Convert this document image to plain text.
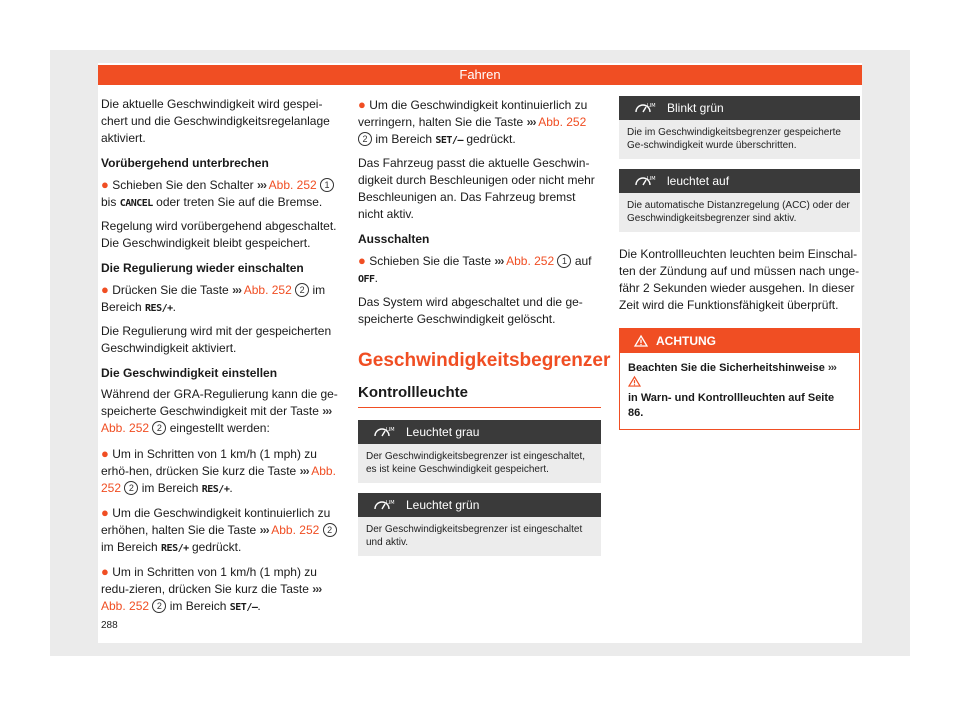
Fahren

Die aktuelle Geschwindigkeit wird gespei-chert und die Geschwindigkeitsregelanlage aktiviert.

Vorübergehend unterbrechen

● Schieben Sie den Schalter ››› Abb. 252 1 bis CANCEL oder treten Sie auf die Bremse.

Regelung wird vorübergehend abgeschaltet. Die Geschwindigkeit bleibt gespeichert.

Die Regulierung wieder einschalten

● Drücken Sie die Taste ››› Abb. 252 2 im Bereich RES/+.

Die Regulierung wird mit der gespeicherten Geschwindigkeit aktiviert.

Die Geschwindigkeit einstellen

Während der GRA-Regulierung kann die ge-speicherte Geschwindigkeit mit der Taste ››› Abb. 252 2 eingestellt werden:

● Um in Schritten von 1 km/h (1 mph) zu erhö-hen, drücken Sie kurz die Taste ››› Abb. 252 2 im Bereich RES/+.

● Um die Geschwindigkeit kontinuierlich zu erhöhen, halten Sie die Taste ››› Abb. 252 2 im Bereich RES/+ gedrückt.

● Um in Schritten von 1 km/h (1 mph) zu redu-zieren, drücken Sie kurz die Taste ››› Abb. 252 2 im Bereich SET/–.

● Um die Geschwindigkeit kontinuierlich zu verringern, halten Sie die Taste ››› Abb. 252 2 im Bereich SET/– gedrückt.

Das Fahrzeug passt die aktuelle Geschwin-digkeit durch Beschleunigen oder nicht mehr Beschleunigen an. Das Fahrzeug bremst nicht aktiv.

Ausschalten

● Schieben Sie die Taste ››› Abb. 252 1 auf OFF.

Das System wird abgeschaltet und die ge-speicherte Geschwindigkeit gelöscht.

Geschwindigkeitsbegrenzer
Kontrollleuchte
LIM Leuchtet grau
Der Geschwindigkeitsbegrenzer ist eingeschaltet, es ist keine Geschwindigkeit gespeichert.
LIM Leuchtet grün
Der Geschwindigkeitsbegrenzer ist eingeschaltet und aktiv.
LIM Blinkt grün
Die im Geschwindigkeitsbegrenzer gespeicherte Ge-schwindigkeit wurde überschritten.
LIM leuchtet auf
Die automatische Distanzregelung (ACC) oder der Geschwindigkeitsbegrenzer sind aktiv.

Die Kontrollleuchten leuchten beim Einschal-ten der Zündung auf und müssen nach unge-fähr 2 Sekunden wieder ausgehen. In dieser Zeit wird die Funktionsfähigkeit überprüft.

ACHTUNG
Beachten Sie die Sicherheitshinweise ›››
in Warn- und Kontrollleuchten auf Seite 86.
288
